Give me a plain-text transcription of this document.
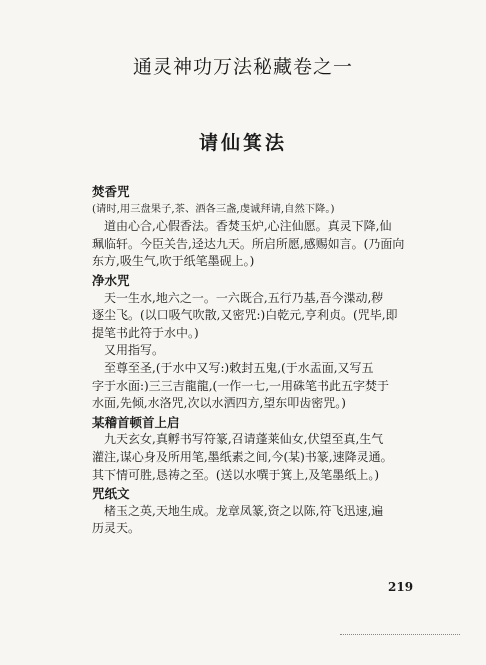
通灵神功万法秘藏卷之一
请仙箕法
焚香咒
(请时,用三盘果子,茶、酒各三盏,虔诚拜请,自然下降。)
道由心合,心假香法。香焚玉炉,心注仙愿。真灵下降,仙
珮临轩。今臣关告,迳达九天。所启所愿,感赐如言。(乃面向
东方,吸生气,吹于纸笔墨砚上。)
净水咒
天一生水,地六之一。一六既合,五行乃基,吾今渫动,秽
逐尘飞。(以口吸气吹散,又密咒:)白乾元,亨利贞。(咒毕,即
提笔书此符于水中。)
又用指写。
至尊至圣,(于水中又写:)敕封五鬼,(于水盂面,又写五
字于水面:)三三吉龍龍,(一作一七,一用硃笔书此五字焚于
水面,先倾,水洛咒,次以水洒四方,望东叩齿密咒。)
某稽首顿首上启
九天玄女,真孵书写符篆,召请蓬莱仙女,伏望至真,生气
灌注,谋心身及所用笔,墨纸素之间,今(某)书篆,速降灵通。
其下情可胜,恳祷之至。(送以水噀于箕上,及笔墨纸上。)
咒纸文
楮玉之英,天地生成。龙章凤篆,资之以陈,符飞迅速,遍
历灵天。
219
